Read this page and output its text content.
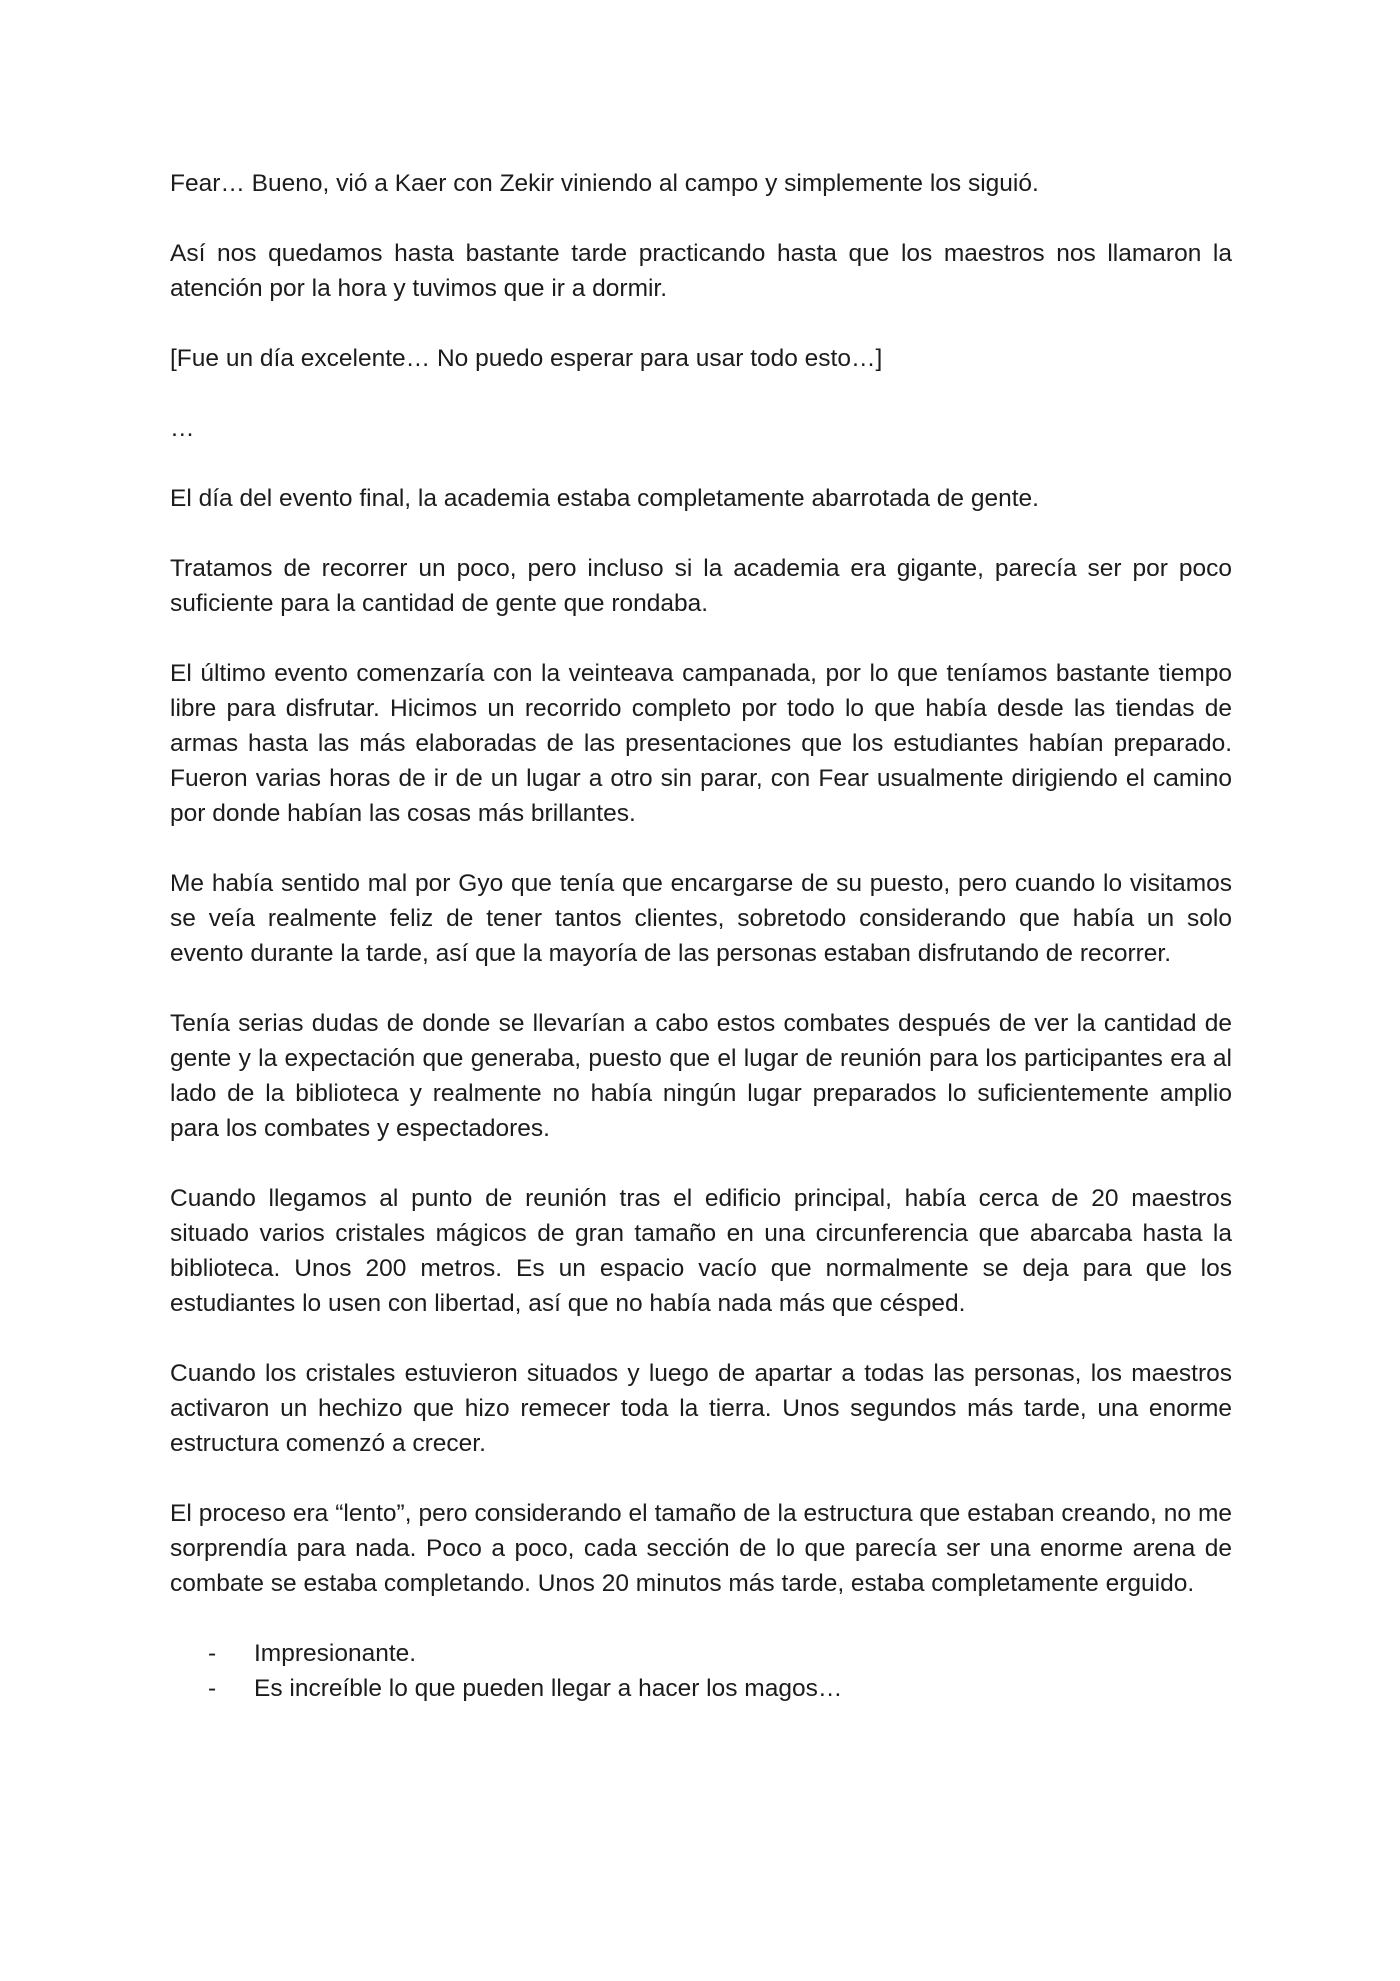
Fear… Bueno, vió a Kaer con Zekir viniendo al campo y simplemente los siguió.

Así nos quedamos hasta bastante tarde practicando hasta que los maestros nos llamaron la atención por la hora y tuvimos que ir a dormir.

[Fue un día excelente… No puedo esperar para usar todo esto…]

…

El día del evento final, la academia estaba completamente abarrotada de gente.

Tratamos de recorrer un poco, pero incluso si la academia era gigante, parecía ser por poco suficiente para la cantidad de gente que rondaba.

El último evento comenzaría con la veinteava campanada, por lo que teníamos bastante tiempo libre para disfrutar. Hicimos un recorrido completo por todo lo que había desde las tiendas de armas hasta las más elaboradas de las presentaciones que los estudiantes habían preparado. Fueron varias horas de ir de un lugar a otro sin parar, con Fear usualmente dirigiendo el camino por donde habían las cosas más brillantes.

Me había sentido mal por Gyo que tenía que encargarse de su puesto, pero cuando lo visitamos se veía realmente feliz de tener tantos clientes, sobretodo considerando que había un solo evento durante la tarde, así que la mayoría de las personas estaban disfrutando de recorrer.

Tenía serias dudas de donde se llevarían a cabo estos combates después de ver la cantidad de gente y la expectación que generaba, puesto que el lugar de reunión para los participantes era al lado de la biblioteca y realmente no había ningún lugar preparados lo suficientemente amplio para los combates y espectadores.

Cuando llegamos al punto de reunión tras el edificio principal, había cerca de 20 maestros situado varios cristales mágicos de gran tamaño en una circunferencia que abarcaba hasta la biblioteca. Unos 200 metros. Es un espacio vacío que normalmente se deja para que los estudiantes lo usen con libertad, así que no había nada más que césped.

Cuando los cristales estuvieron situados y luego de apartar a todas las personas, los maestros activaron un hechizo que hizo remecer toda la tierra. Unos segundos más tarde, una enorme estructura comenzó a crecer.

El proceso era “lento”, pero considerando el tamaño de la estructura que estaban creando, no me sorprendía para nada. Poco a poco, cada sección de lo que parecía ser una enorme arena de combate se estaba completando. Unos 20 minutos más tarde, estaba completamente erguido.

- Impresionante.
- Es increíble lo que pueden llegar a hacer los magos…
